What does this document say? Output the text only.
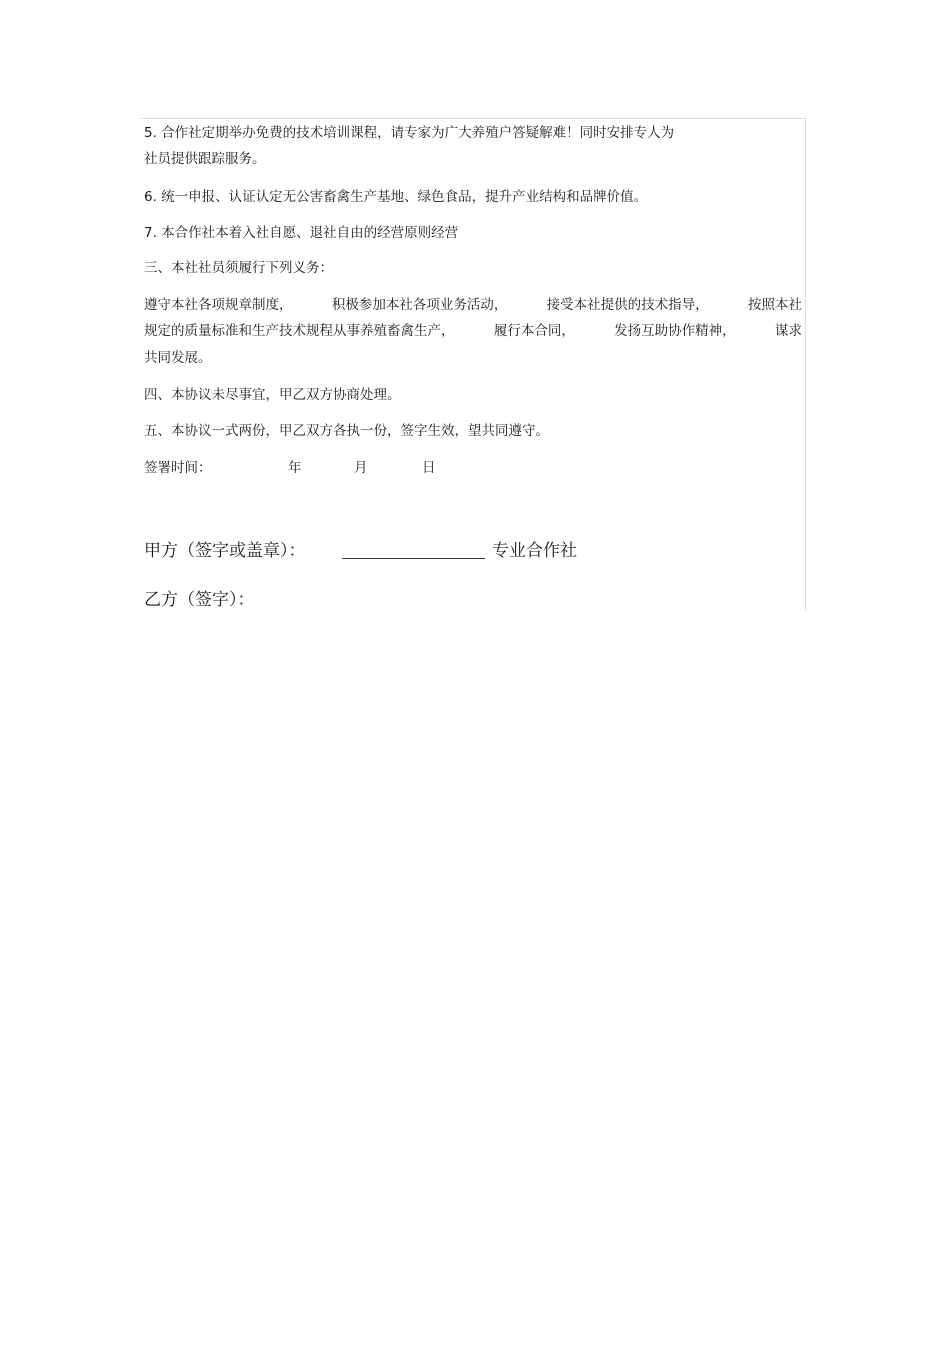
5. 合作社定期举办免费的技术培训课程，请专家为广大养殖户答疑解难！同时安排专人为
社员提供跟踪服务。
6. 统一申报、认证认定无公害畜禽生产基地、绿色食品，提升产业结构和品牌价值。
7. 本合作社本着入社自愿、退社自由的经营原则经营
三、本社社员须履行下列义务：
遵守本社各项规章制度，	积极参加本社各项业务活动，	接受本社提供的技术指导，	按照本社
规定的质量标准和生产技术规程从事养殖畜禽生产，	履行本合同，	发扬互助协作精神，	谋求
共同发展。
四、本协议未尽事宜，甲乙双方协商处理。
五、本协议一式两份，甲乙双方各执一份，签字生效，望共同遵守。
签署时间：	年	月	日
甲方（签字或盖章）：	专业合作社
乙方（签字）：
